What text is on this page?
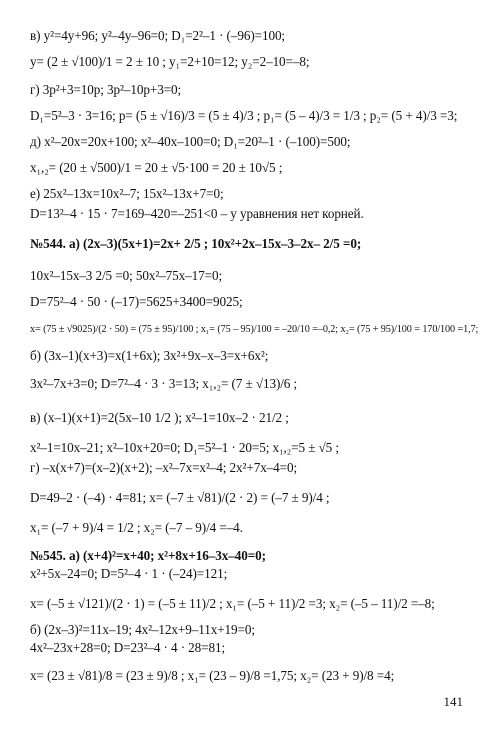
в) y²=4y+96; y²–4y–96=0; D₁=2²–1 · (–96)=100;
y= (2 ± √100)/1 = 2 ± 10 ; y₁=2+10=12; y₂=2–10=–8;
г) 3p²+3=10p; 3p²–10p+3=0;
D₁=5²–3 · 3=16; p= (5 ± √16)/3 = (5 ± 4)/3 ; p₁= (5 – 4)/3 = 1/3 ; p₂= (5 + 4)/3 =3;
д) x²–20x=20x+100; x²–40x–100=0; D₁=20²–1 · (–100)=500;
x₁,₂= (20 ± √500)/1 = 20 ± √5·100 = 20 ± 10√5 ;
е) 25x²–13x=10x²–7; 15x²–13x+7=0;
D=13²–4 · 15 · 7=169–420=–251<0 – у уравнения нет корней.
№544. а) (2x–3)(5x+1)=2x+ 2/5 ; 10x²+2x–15x–3–2x– 2/5 =0;
10x²–15x–3 2/5 =0; 50x²–75x–17=0;
D=75²–4 · 50 · (–17)=5625+3400=9025;
x= (75 ± √9025)/(2 · 50) = (75 ± 95)/100 ; x₁= (75 – 95)/100 = –20/10 =–0,2; x₂= (75 + 95)/100 = 170/100 =1,7;
б) (3x–1)(x+3)=x(1+6x); 3x²+9x–x–3=x+6x²;
3x²–7x+3=0; D=7²–4 · 3 · 3=13; x₁,₂= (7 ± √13)/6 ;
в) (x–1)(x+1)=2(5x–10 1/2 ); x²–1=10x–2 · 21/2 ;
x²–1=10x–21; x²–10x+20=0; D₁=5²–1 · 20=5; x₁,₂=5 ± √5 ;
г) –x(x+7)=(x–2)(x+2); –x²–7x=x²–4; 2x²+7x–4=0;
D=49–2 · (–4) · 4=81; x= (–7 ± √81)/(2 · 2) = (–7 ± 9)/4 ;
x₁= (–7 + 9)/4 = 1/2 ; x₂= (–7 – 9)/4 =–4.
№545. а) (x+4)²=x+40; x²+8x+16–3x–40=0;
x²+5x–24=0; D=5²–4 · 1 · (–24)=121;
x= (–5 ± √121)/(2 · 1) = (–5 ± 11)/2 ; x₁= (–5 + 11)/2 =3; x₂= (–5 – 11)/2 =–8;
б) (2x–3)²=11x–19; 4x²–12x+9–11x+19=0;
4x²–23x+28=0; D=23²–4 · 4 · 28=81;
x= (23 ± √81)/8 = (23 ± 9)/8 ; x₁= (23 – 9)/8 =1,75; x₂= (23 + 9)/8 =4;
141
